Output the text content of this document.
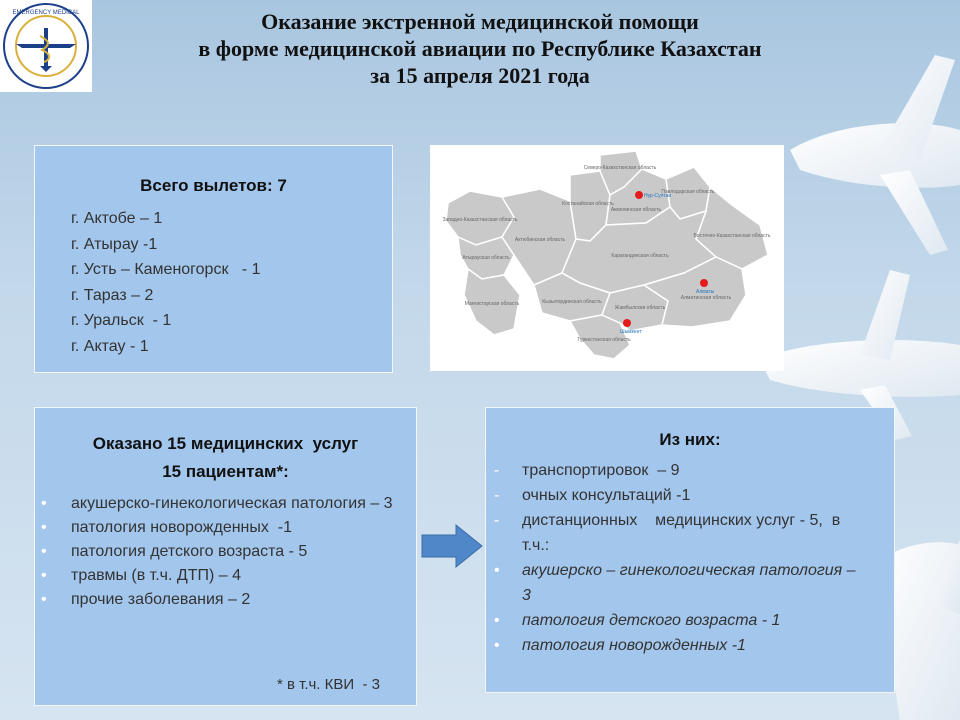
EMERGENCY MEDICAL	Оказание экстренной медицинской помощи
в форме медицинской авиации по Республике Казахстан
за 15 апреля 2021 года
Всего вылетов: 7
г. Актобе – 1
г. Атырау -1
г. Усть – Каменогорск   - 1
г. Тараз – 2
г. Уральск  - 1
г. Актау - 1
Западно-Казахстанская область
Северо-Казахстанская область
Костанайская область
Павлодарская область
Акмолинская область
Атырауская область
Актюбинская область
Карагандинская область
Восточно-Казахстанская область
Мангистауская область	Кызылординская область
Жамбылская область
Алматинская область
Туркестанская область
Нур-Султан
Алматы
Шымкент
Оказано 15 медицинских  услуг
15 пациентам*:
• акушерско-гинекологическая патология – 3
• патология новорожденных  -1
• патология детского возраста - 5
• травмы (в т.ч. ДТП) – 4
• прочие заболевания – 2
* в т.ч. КВИ  - 3
Из них:
- транспортировок  – 9
- очных консультаций -1
- дистанционных    медицинских услуг - 5,  в т.ч.:
• акушерско – гинекологическая патология – 3
• патология детского возраста - 1
• патология новорожденных -1
